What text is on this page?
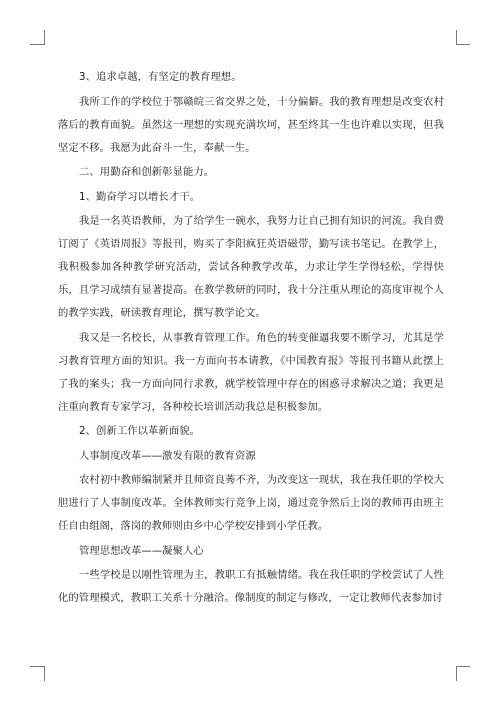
3、追求卓越，有坚定的教育理想。

我所工作的学校位于鄂赣皖三省交界之处，十分偏僻。我的教育理想是改变农村落后的教育面貌。虽然这一理想的实现充满坎坷，甚至终其一生也许难以实现，但我坚定不移。我愿为此奋斗一生，奉献一生。

二、用勤奋和创新彰显能力。

1、勤奋学习以增长才干。

我是一名英语教师，为了给学生一碗水，我努力让自己拥有知识的河流。我自费订阅了《英语周报》等报刊，购买了李阳疯狂英语磁带，勤写读书笔记。在教学上，我积极参加各种教学研究活动，尝试各种教学改革，力求让学生学得轻松，学得快乐，且学习成绩有显著提高。在教学教研的同时，我十分注重从理论的高度审视个人的教学实践，研读教育理论，撰写教学论文。

我又是一名校长，从事教育管理工作。角色的转变催逼我要不断学习，尤其是学习教育管理方面的知识。我一方面向书本请教，《中国教育报》等报刊书籍从此摆上了我的案头；我一方面向同行求教，就学校管理中存在的困惑寻求解决之道；我更是注重向教育专家学习，各种校长培训活动我总是积极参加。

2、创新工作以革新面貌。

人事制度改革——激发有限的教育资源

农村初中教师编制紧并且师资良莠不齐，为改变这一现状，我在我任职的学校大胆进行了人事制度改革。全体教师实行竞争上岗，通过竞争然后上岗的教师再由班主任自由组阁，落岗的教师则由乡中心学校安排到小学任教。

管理思想改革——凝聚人心

一些学校是以刚性管理为主，教职工有抵触情绪。我在我任职的学校尝试了人性化的管理模式，教职工关系十分融洽。像制度的制定与修改，一定让教师代表参加讨
